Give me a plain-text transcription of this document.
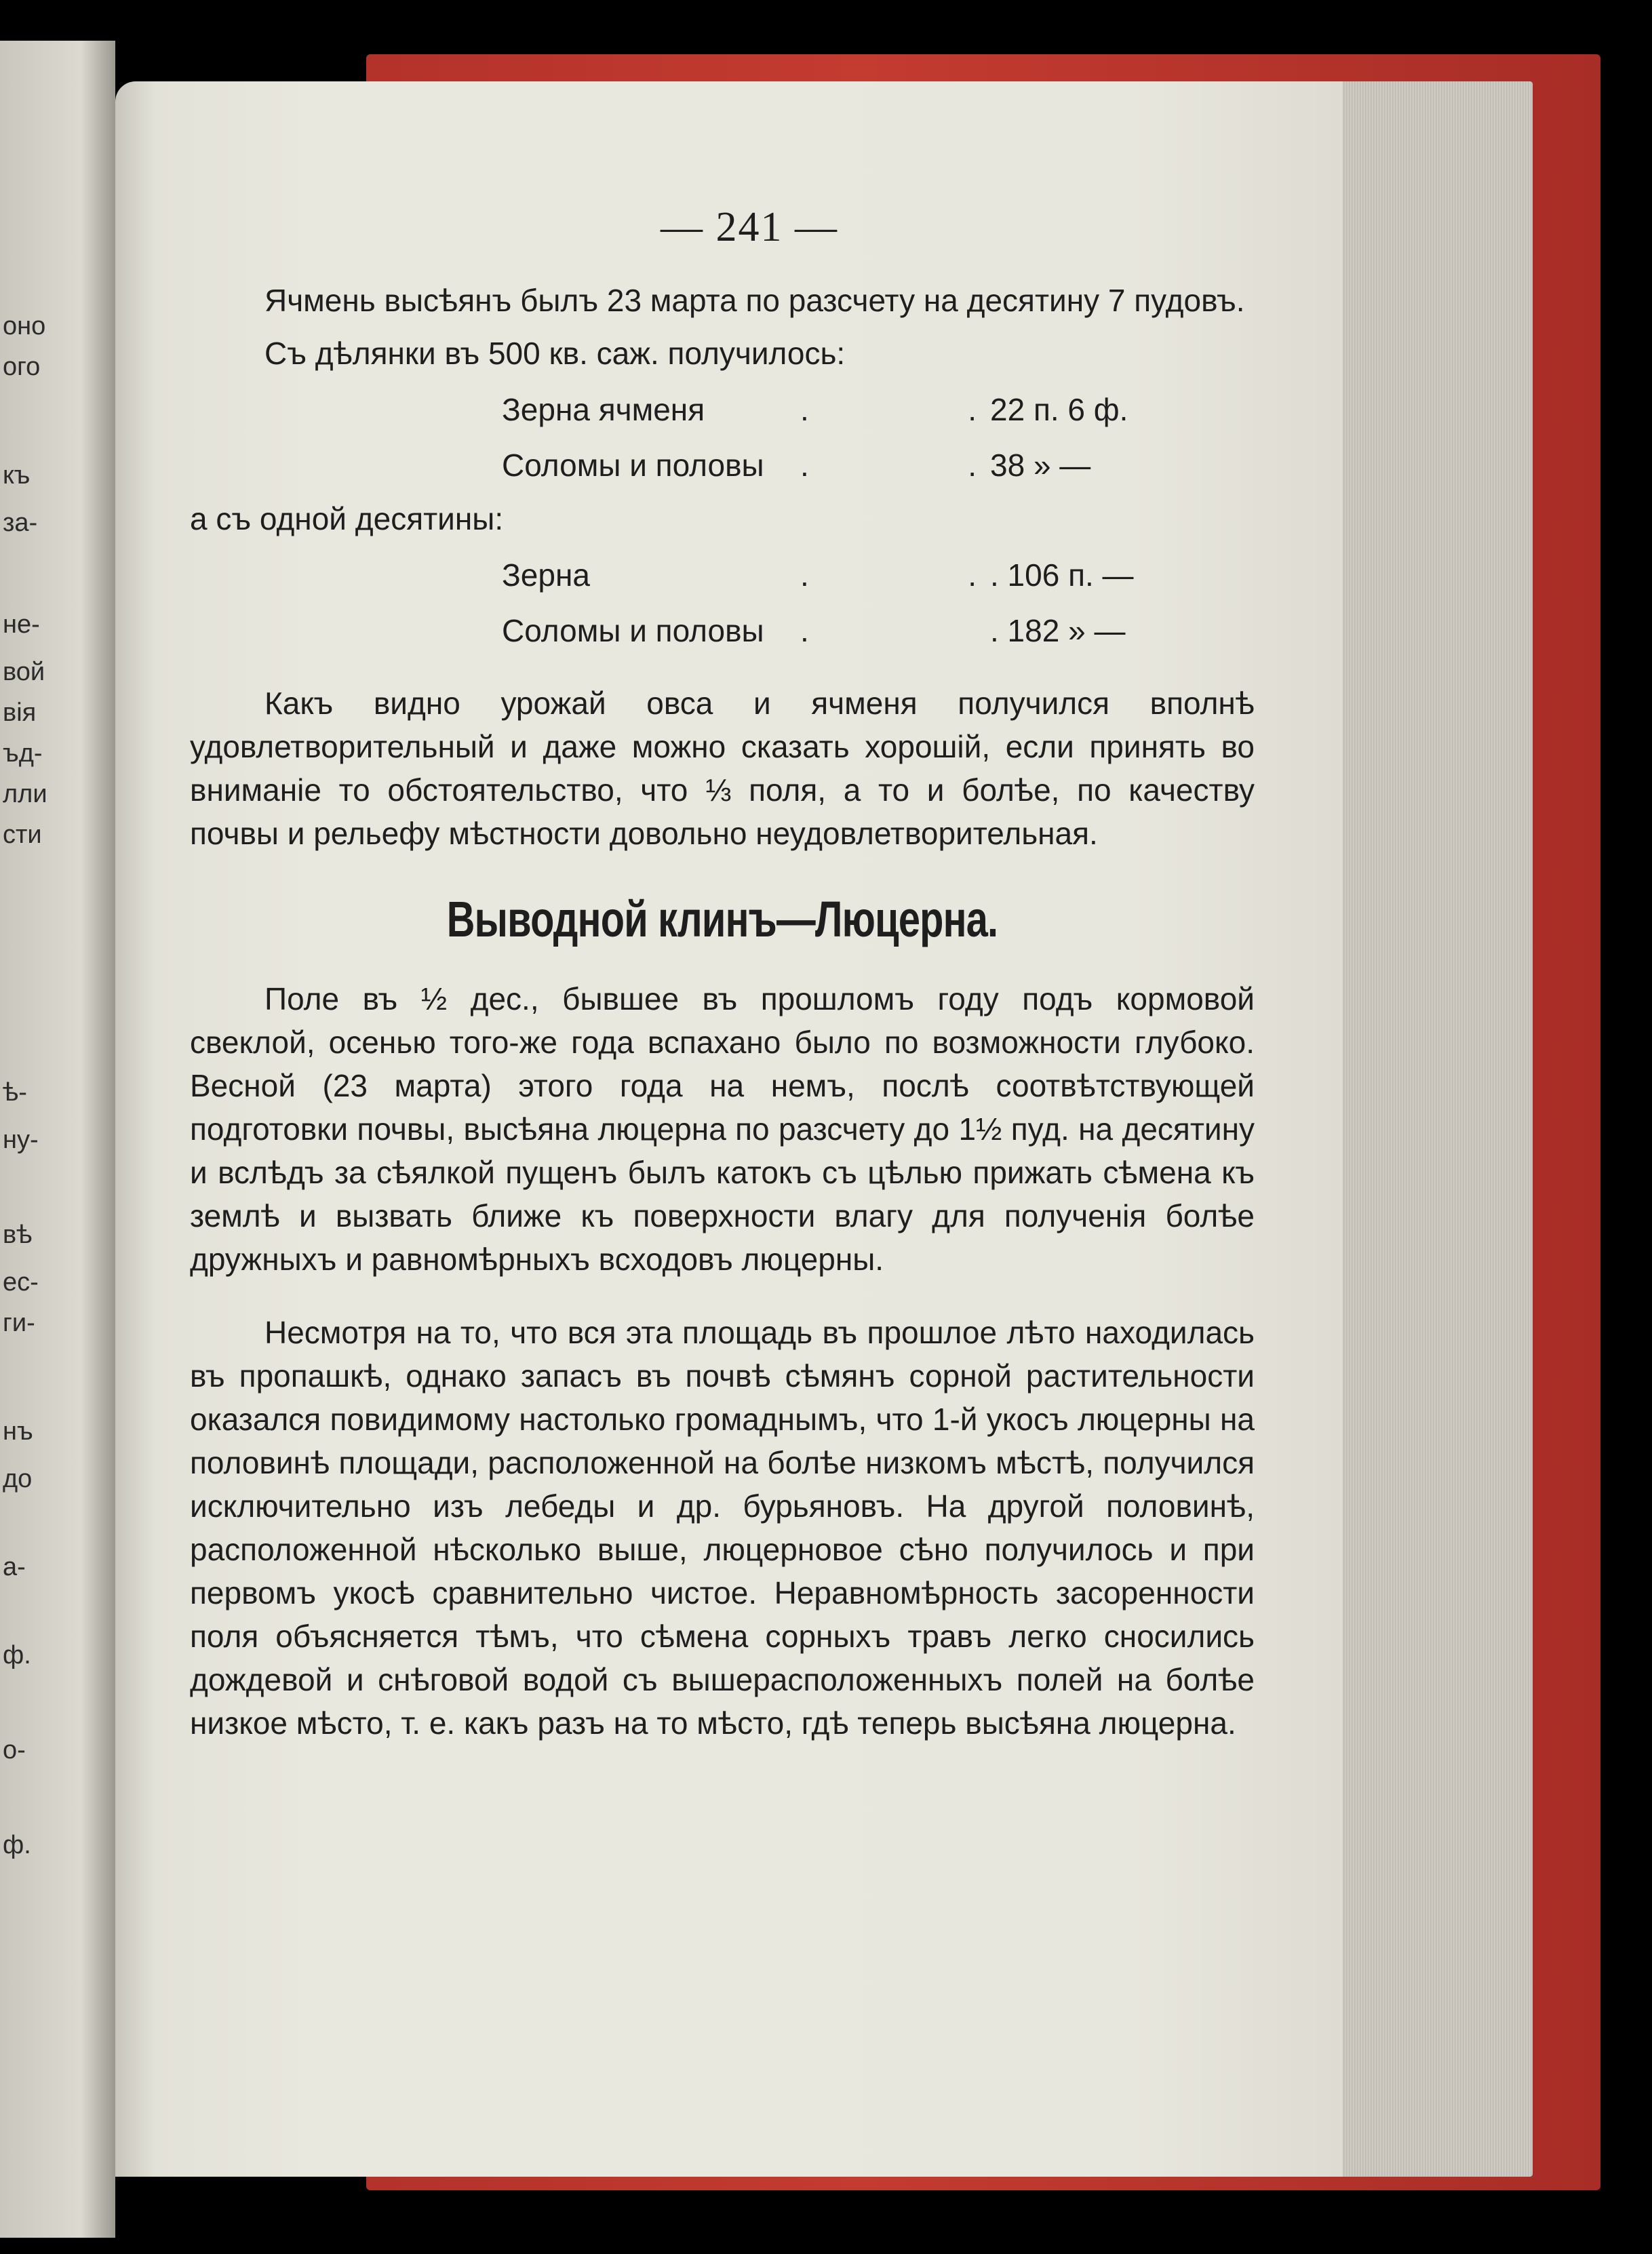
оно
ого
къ
за-
не-
вой
вія
ъд-
лли
сти
ѣ-
ну-
вѣ
ес-
ги-
нъ
до
а-
ф.
о-
ф.
— 241 —

Ячмень высѣянъ былъ 23 марта по разсчету на десятину 7 пудовъ.

Съ дѣлянки въ 500 кв. саж. получилось:

Зерна ячменя	.	. 22 п. 6 ф.
Соломы и половы	.	. 38 » —

а съ одной десятины:

Зерна	.	. . 106 п. —
Соломы и половы	.	. 182 » —

Какъ видно урожай овса и ячменя получился вполнѣ удовлетворительный и даже можно сказать хорошій, если принять во вниманіе то обстоятельство, что ⅓ поля, а то и болѣе, по качеству почвы и рельефу мѣстности довольно неудовлетворительная.

Выводной клинъ—Люцерна.

Поле въ ½ дес., бывшее въ прошломъ году подъ кормовой свеклой, осенью того-же года вспахано было по возможности глубоко. Весной (23 марта) этого года на немъ, послѣ соотвѣтствующей подготовки почвы, высѣяна люцерна по разсчету до 1½ пуд. на десятину и вслѣдъ за сѣялкой пущенъ былъ катокъ съ цѣлью прижать сѣмена къ землѣ и вызвать ближе къ поверхности влагу для полученія болѣе дружныхъ и равномѣрныхъ всходовъ люцерны.

Несмотря на то, что вся эта площадь въ прошлое лѣто находилась въ пропашкѣ, однако запасъ въ почвѣ сѣмянъ сорной растительности оказался повидимому настолько громаднымъ, что 1-й укосъ люцерны на половинѣ площади, расположенной на болѣе низкомъ мѣстѣ, получился исключительно изъ лебеды и др. бурьяновъ. На другой половинѣ, расположенной нѣсколько выше, люцерновое сѣно получилось и при первомъ укосѣ сравнительно чистое. Неравномѣрность засоренности поля объясняется тѣмъ, что сѣмена сорныхъ травъ легко сносились дождевой и снѣговой водой съ вышерасположенныхъ полей на болѣе низкое мѣсто, т. е. какъ разъ на то мѣсто, гдѣ теперь высѣяна люцерна.
